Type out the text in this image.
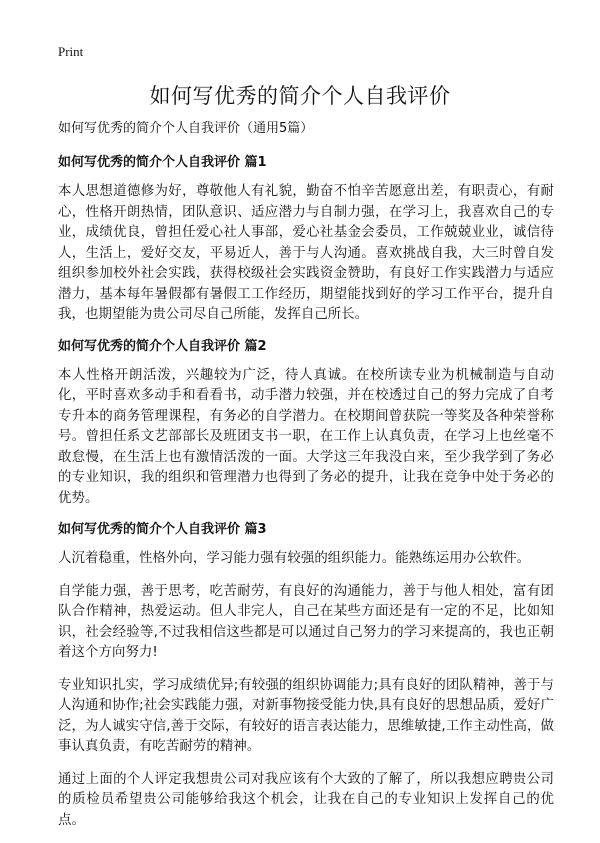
Print
如何写优秀的简介个人自我评价

如何写优秀的简介个人自我评价（通用5篇）

如何写优秀的简介个人自我评价 篇1

本人思想道德修为好，尊敬他人有礼貌，勤奋不怕辛苦愿意出差，有职责心，有耐心，性格开朗热情，团队意识、适应潜力与自制力强，在学习上，我喜欢自己的专业，成绩优良，曾担任爱心社人事部，爱心社基金会委员，工作兢兢业业，诚信待人，生活上，爱好交友，平易近人，善于与人沟通。喜欢挑战自我，大三时曾自发组织参加校外社会实践，获得校级社会实践资金赞助，有良好工作实践潜力与适应潜力，基本每年暑假都有暑假工工作经历，期望能找到好的学习工作平台，提升自我，也期望能为贵公司尽自己所能，发挥自己所长。

如何写优秀的简介个人自我评价 篇2

本人性格开朗活泼，兴趣较为广泛，待人真诚。在校所读专业为机械制造与自动化，平时喜欢多动手和看看书，动手潜力较强，并在校透过自己的努力完成了自考专升本的商务管理课程，有务必的自学潜力。在校期间曾获院一等奖及各种荣誉称号。曾担任系文艺部部长及班团支书一职，在工作上认真负责，在学习上也丝毫不敢怠慢，在生活上也有激情活泼的一面。大学这三年我没白来，至少我学到了务必的专业知识，我的组织和管理潜力也得到了务必的提升，让我在竞争中处于务必的优势。

如何写优秀的简介个人自我评价 篇3

人沉着稳重，性格外向，学习能力强有较强的组织能力。能熟练运用办公软件。

自学能力强，善于思考，吃苦耐劳，有良好的沟通能力，善于与他人相处，富有团队合作精神，热爱运动。但人非完人，自己在某些方面还是有一定的不足，比如知识，社会经验等,不过我相信这些都是可以通过自己努力的学习来提高的，我也正朝着这个方向努力!

专业知识扎实，学习成绩优异;有较强的组织协调能力;具有良好的团队精神，善于与人沟通和协作;社会实践能力强，对新事物接受能力快,具有良好的思想品质，爱好广泛，为人诚实守信,善于交际，有较好的语言表达能力，思维敏捷,工作主动性高，做事认真负责，有吃苦耐劳的精神。

通过上面的个人评定我想贵公司对我应该有个大致的了解了，所以我想应聘贵公司的质检员希望贵公司能够给我这个机会，让我在自己的专业知识上发挥自己的优点。
